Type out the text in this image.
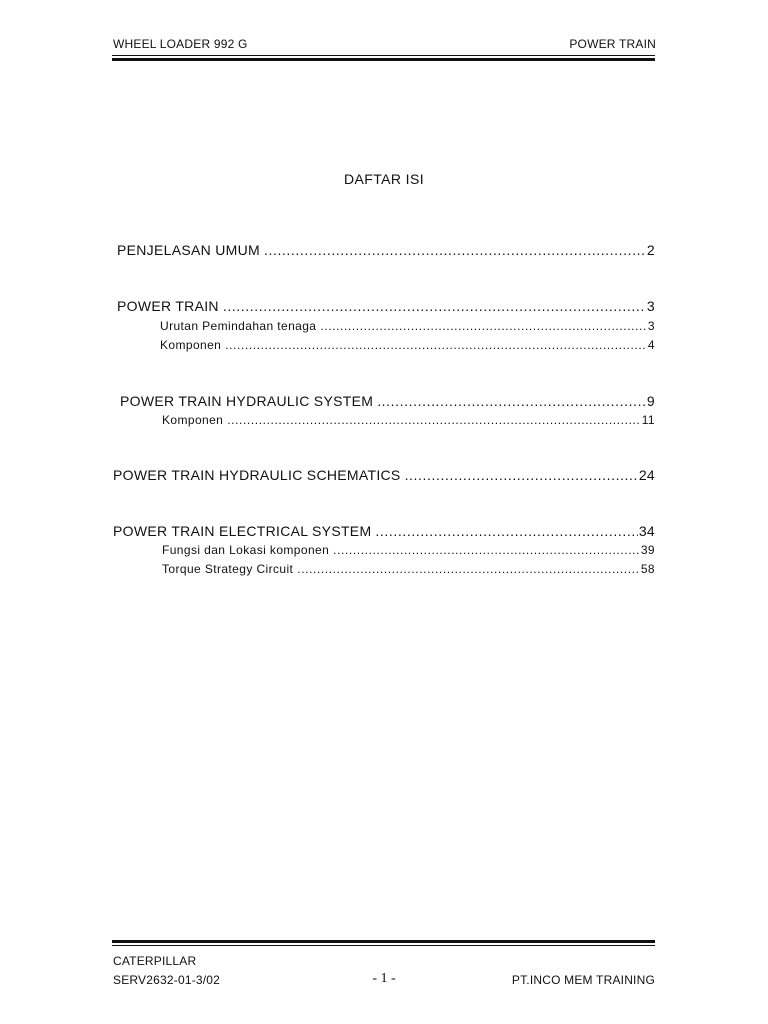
WHEEL LOADER 992 G	POWER TRAIN
DAFTAR ISI
PENJELASAN UMUM .....	2
POWER TRAIN .....	3
Urutan Pemindahan tenaga .....	3
Komponen .....	4
POWER TRAIN HYDRAULIC SYSTEM .....	9
Komponen .....	11
POWER TRAIN HYDRAULIC SCHEMATICS .....	24
POWER TRAIN ELECTRICAL SYSTEM .....	34
Fungsi dan Lokasi komponen .....	39
Torque Strategy Circuit .....	58
CATERPILLAR
SERV2632-01-3/02	- 1 -	PT.INCO MEM TRAINING
